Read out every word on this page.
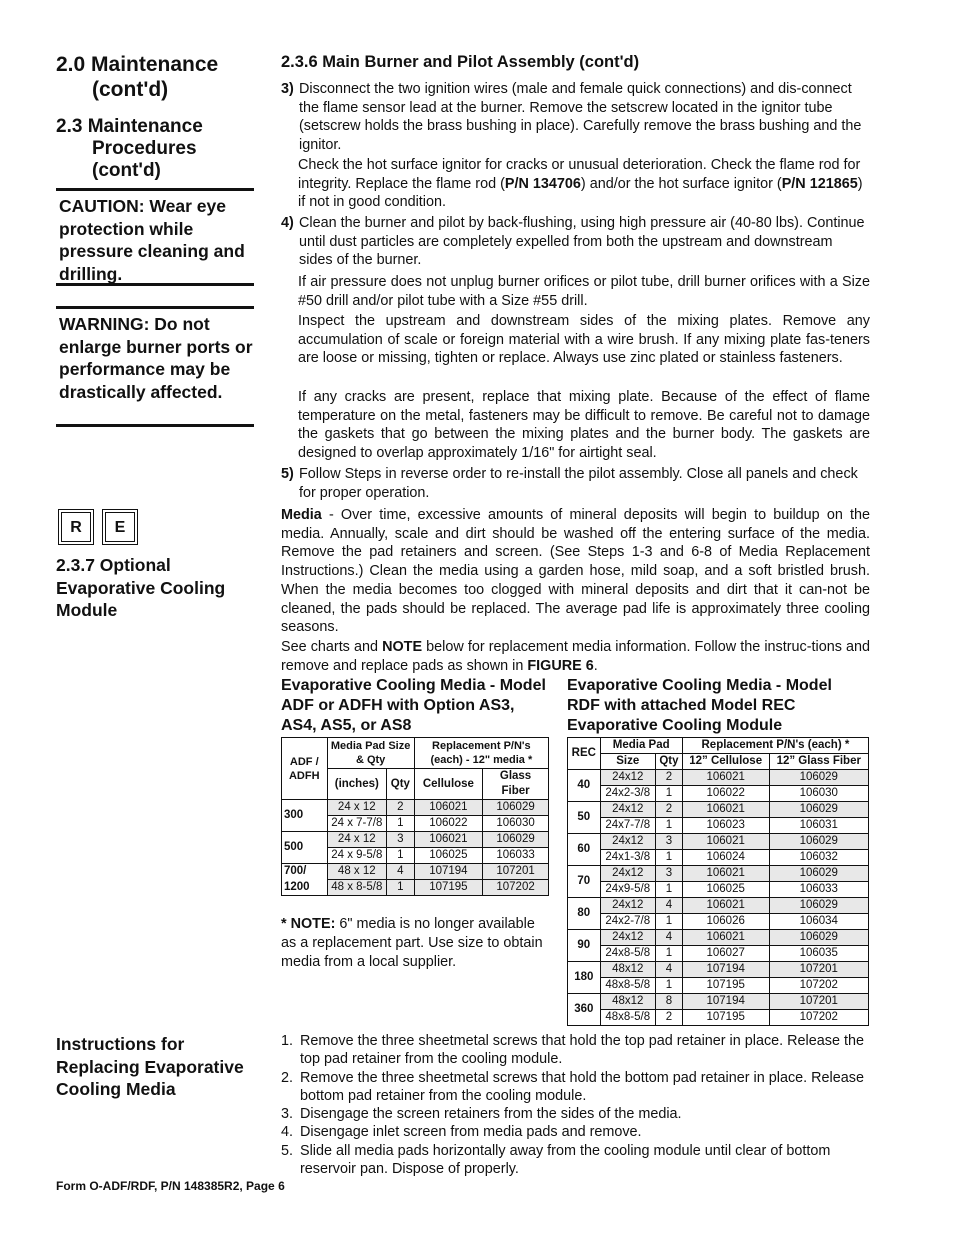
2.0 Maintenance
(cont'd)
2.3 Maintenance
Procedures
(cont'd)
CAUTION: Wear eye protection while pressure cleaning and drilling.
WARNING: Do not enlarge burner ports or performance may be drastically affected.
R	E
2.3.7 Optional Evaporative Cooling Module
Instructions for Replacing Evaporative Cooling Media
Form O-ADF/RDF, P/N 148385R2, Page 6
2.3.6 Main Burner and Pilot Assembly (cont'd)
3) Disconnect the two ignition wires (male and female quick connections) and dis-connect the flame sensor lead at the burner. Remove the setscrew located in the ignitor tube (setscrew holds the brass bushing in place). Carefully remove the brass bushing and the ignitor.
Check the hot surface ignitor for cracks or unusual deterioration. Check the flame rod for integrity. Replace the flame rod (P/N 134706) and/or the hot surface ignitor (P/N 121865) if not in good condition.
4) Clean the burner and pilot by back-flushing, using high pressure air (40-80 lbs). Continue until dust particles are completely expelled from both the upstream and downstream sides of the burner.
If air pressure does not unplug burner orifices or pilot tube, drill burner orifices with a Size #50 drill and/or pilot tube with a Size #55 drill.
Inspect the upstream and downstream sides of the mixing plates. Remove any accumulation of scale or foreign material with a wire brush. If any mixing plate fas-teners are loose or missing, tighten or replace. Always use zinc plated or stainless fasteners.
If any cracks are present, replace that mixing plate. Because of the effect of flame temperature on the metal, fasteners may be difficult to remove. Be careful not to damage the gaskets that go between the mixing plates and the burner body. The gaskets are designed to overlap approximately 1/16" for airtight seal.
5) Follow Steps in reverse order to re-install the pilot assembly. Close all panels and check for proper operation.
Media - Over time, excessive amounts of mineral deposits will begin to buildup on the media. Annually, scale and dirt should be washed off the entering surface of the media. Remove the pad retainers and screen. (See Steps 1-3 and 6-8 of Media Replacement Instructions.) Clean the media using a garden hose, mild soap, and a soft bristled brush. When the media becomes too clogged with mineral deposits and dirt that it can-not be cleaned, the pads should be replaced. The average pad life is approximately three cooling seasons.
See charts and NOTE below for replacement media information. Follow the instruc-tions and remove and replace pads as shown in FIGURE 6.
Evaporative Cooling Media - Model ADF or ADFH with Option AS3, AS4, AS5, or AS8
ADF / ADFH	Media Pad Size & Qty		Replacement P/N's (each) - 12" media *	
	(inches)	Qty	Cellulose	Glass Fiber
300	24 x 12	2	106021	106029
	24 x 7-7/8	1	106022	106030
500	24 x 12	3	106021	106029
	24 x 9-5/8	1	106025	106033
700/	48 x 12	4	107194	107201
1200	48 x 8-5/8	1	107195	107202
* NOTE: 6" media is no longer available as a replacement part. Use size to obtain media from a local supplier.
Evaporative Cooling Media - Model RDF with attached Model REC Evaporative Cooling Module
REC	Media Pad		Replacement P/N's (each) *	
	Size	Qty	12” Cellulose	12” Glass Fiber
40	24x12	2	106021	106029
	24x2-3/8	1	106022	106030
50	24x12	2	106021	106029
	24x7-7/8	1	106023	106031
60	24x12	3	106021	106029
	24x1-3/8	1	106024	106032
70	24x12	3	106021	106029
	24x9-5/8	1	106025	106033
80	24x12	4	106021	106029
	24x2-7/8	1	106026	106034
90	24x12	4	106021	106029
	24x8-5/8	1	106027	106035
180	48x12	4	107194	107201
	48x8-5/8	1	107195	107202
360	48x12	8	107194	107201
	48x8-5/8	2	107195	107202
1. Remove the three sheetmetal screws that hold the top pad retainer in place. Release the top pad retainer from the cooling module.
2. Remove the three sheetmetal screws that hold the bottom pad retainer in place. Release bottom pad retainer from the cooling module.
3. Disengage the screen retainers from the sides of the media.
4. Disengage inlet screen from media pads and remove.
5. Slide all media pads horizontally away from the cooling module until clear of bottom reservoir pan. Dispose of properly.
